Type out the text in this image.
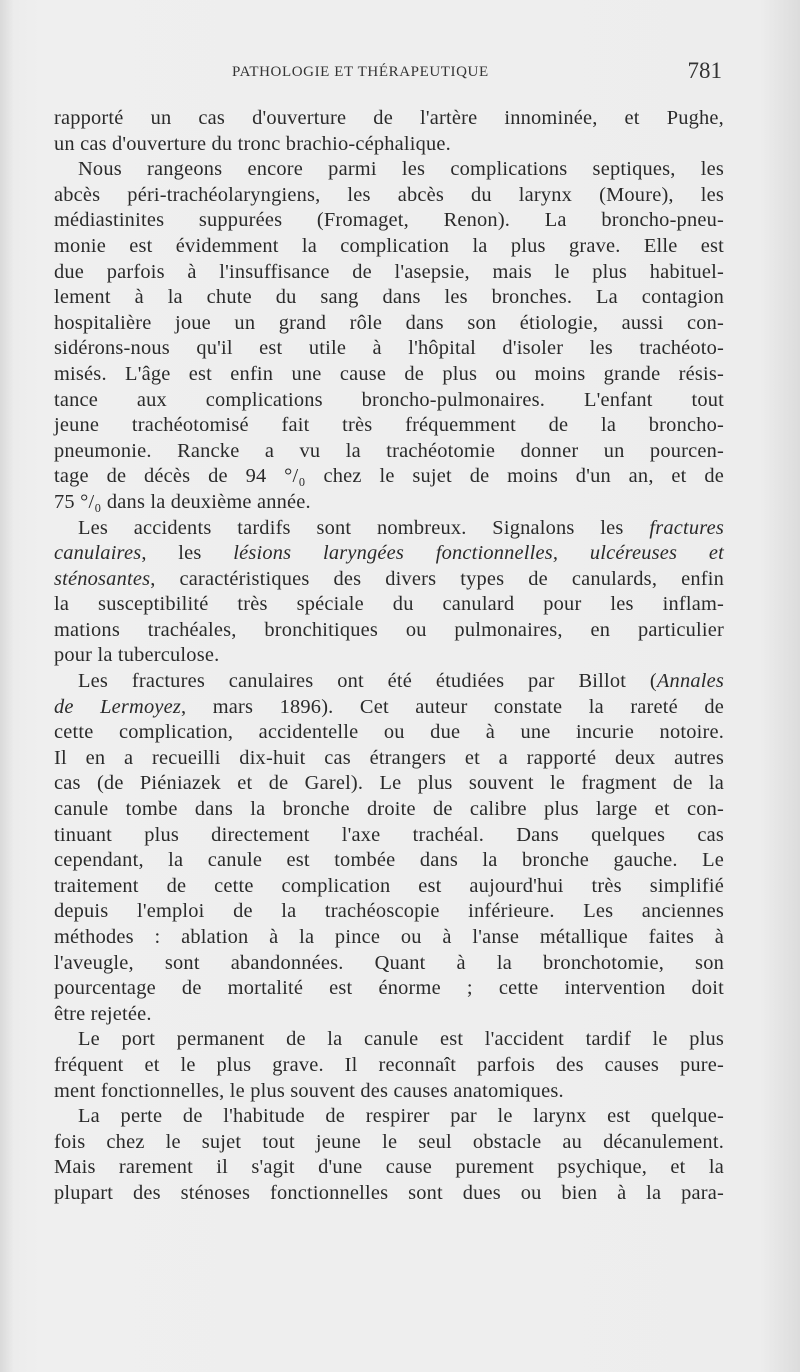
PATHOLOGIE ET THÉRAPEUTIQUE	781
rapporté un cas d'ouverture de l'artère innominée, et Pughe,
un cas d'ouverture du tronc brachio-céphalique.
Nous rangeons encore parmi les complications septiques, les
abcès péri-trachéolaryngiens, les abcès du larynx (Moure), les
médiastinites suppurées (Fromaget, Renon). La broncho-pneu-
monie est évidemment la complication la plus grave. Elle est
due parfois à l'insuffisance de l'asepsie, mais le plus habituel-
lement à la chute du sang dans les bronches. La contagion
hospitalière joue un grand rôle dans son étiologie, aussi con-
sidérons-nous qu'il est utile à l'hôpital d'isoler les trachéoto-
misés. L'âge est enfin une cause de plus ou moins grande résis-
tance aux complications broncho-pulmonaires. L'enfant tout
jeune trachéotomisé fait très fréquemment de la broncho-
pneumonie. Rancke a vu la trachéotomie donner un pourcen-
tage de décès de 94 °/₀ chez le sujet de moins d'un an, et de
75 °/₀ dans la deuxième année.
Les accidents tardifs sont nombreux. Signalons les fractures
canulaires, les lésions laryngées fonctionnelles, ulcéreuses et
sténosantes, caractéristiques des divers types de canulards, enfin
la susceptibilité très spéciale du canulard pour les inflam-
mations trachéales, bronchitiques ou pulmonaires, en particulier
pour la tuberculose.
Les fractures canulaires ont été étudiées par Billot (Annales
de Lermoyez, mars 1896). Cet auteur constate la rareté de
cette complication, accidentelle ou due à une incurie notoire.
Il en a recueilli dix-huit cas étrangers et a rapporté deux autres
cas (de Piéniazek et de Garel). Le plus souvent le fragment de la
canule tombe dans la bronche droite de calibre plus large et con-
tinuant plus directement l'axe trachéal. Dans quelques cas
cependant, la canule est tombée dans la bronche gauche. Le
traitement de cette complication est aujourd'hui très simplifié
depuis l'emploi de la trachéoscopie inférieure. Les anciennes
méthodes : ablation à la pince ou à l'anse métallique faites à
l'aveugle, sont abandonnées. Quant à la bronchotomie, son
pourcentage de mortalité est énorme ; cette intervention doit
être rejetée.
Le port permanent de la canule est l'accident tardif le plus
fréquent et le plus grave. Il reconnaît parfois des causes pure-
ment fonctionnelles, le plus souvent des causes anatomiques.
La perte de l'habitude de respirer par le larynx est quelque-
fois chez le sujet tout jeune le seul obstacle au décanulement.
Mais rarement il s'agit d'une cause purement psychique, et la
plupart des sténoses fonctionnelles sont dues ou bien à la para-
